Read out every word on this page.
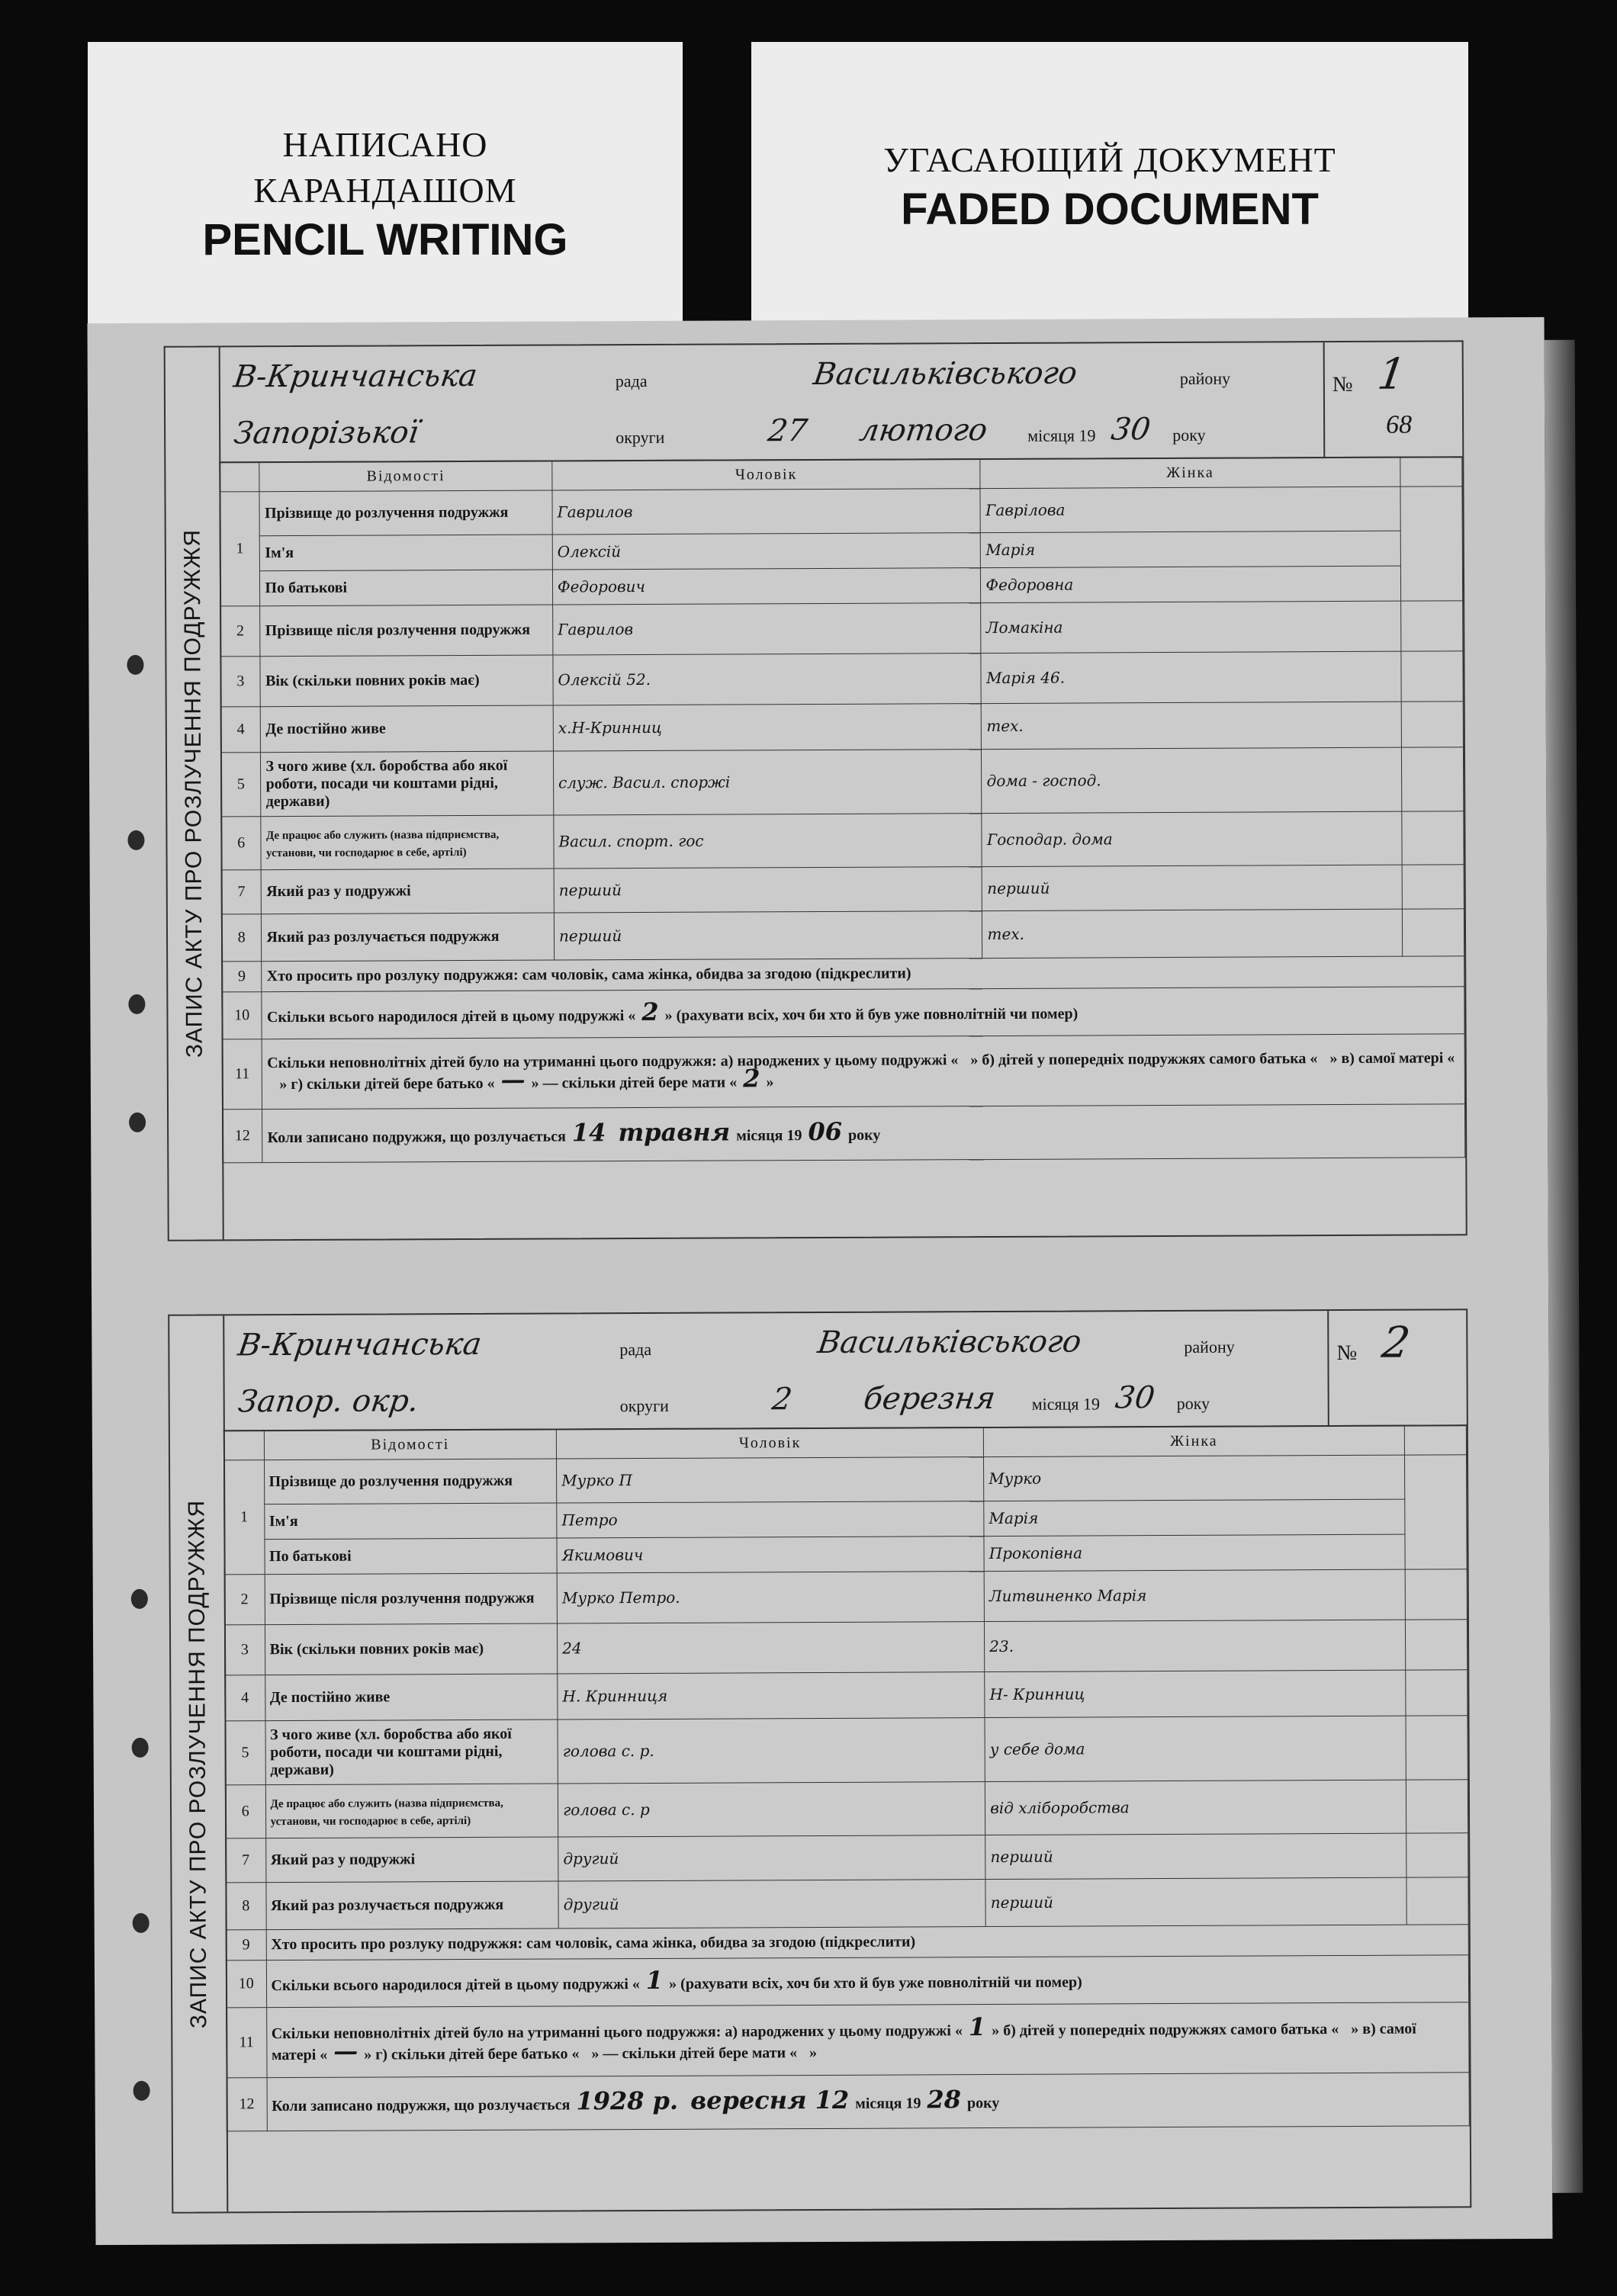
НАПИСАНО
КАРАНДАШОМ
PENCIL WRITING
УГАСАЮЩИЙ ДОКУМЕНТ
FADED DOCUMENT
ЗАПИС АКТУ ПРО РОЗЛУЧЕННЯ ПОДРУЖЖЯ
В-Кринчанська	рада	Васильківського	району
Запорізької	округи	27 лютого місяця 19 30 року
№ 1
68
	Відомості	Чоловік	Жінка	
1	Прізвище до розлучення подружжя	Гаврилов	Гаврілова	
	Ім'я	Олексій	Марія	
	По батькові	Федорович	Федоровна	
2	Прізвище після розлучення подружжя	Гаврилов	Ломакіна	
3	Вік (скільки повних років має)	Олексій 52.	Марія 46.	
4	Де постійно живе	х.Н-Кринниц	тех.	
5	З чого живе (хл. боробства або якої роботи, посади чи коштами рідні, держави)	служ. Васил. споржі	дома - господ.	
6	Де працює або служить (назва підприємства, установи, чи господарює в себе, артілі)	Васил. спорт. гос	Господар. дома	
7	Який раз у подружжі	перший	перший	
8	Який раз розлучається подружжя	перший	тех.	
9	Хто просить про розлуку подружжя: сам чоловік, сама жінка, обидва за згодою (підкреслити)			
10	Скільки всього народилося дітей в цьому подружжі « 2 » (рахувати всіх, хоч би хто й був уже повнолітній чи помер)			
11	Скільки неповнолітніх дітей було на утриманні цього подружжя: а) народжених у цьому подружжі « » б) дітей у попередніх подружжях самого батька « » в) самої матері «» г) скільки дітей бере батько « — » — скільки дітей бере мати « 2 »			
12	Коли записано подружжя, що розлучається 14 травня місяця 19 06 року			
ЗАПИС АКТУ ПРО РОЗЛУЧЕННЯ ПОДРУЖЖЯ
В-Кринчанська	рада	Васильківського	району
Запор. окр.	округи	2 березня місяця 19 30 року
№ 2
	Відомості	Чоловік	Жінка	
1	Прізвище до розлучення подружжя	Мурко П	Мурко	
	Ім'я	Петро	Марія	
	По батькові	Якимович	Прокопівна	
2	Прізвище після розлучення подружжя	Мурко Петро.	Литвиненко Марія	
3	Вік (скільки повних років має)	24	23.	
4	Де постійно живе	Н. Кринниця	Н- Кринниц	
5	З чого живе (хл. боробства або якої роботи, посади чи коштами рідні, держави)	голова с. р.	у себе дома	
6	Де працює або служить (назва підприємства, установи, чи господарює в себе, артілі)	голова с. р	від хліборобства	
7	Який раз у подружжі	другий	перший	
8	Який раз розлучається подружжя	другий	перший	
9	Хто просить про розлуку подружжя: сам чоловік, сама жінка, обидва за згодою (підкреслити)			
10	Скільки всього народилося дітей в цьому подружжі « 1 » (рахувати всіх, хоч би хто й був уже повнолітній чи помер)			
11	Скільки неповнолітніх дітей було на утриманні цього подружжя: а) народжених у цьому подружжі « 1 » б) дітей у попередніх подружжях самого батька « » в) самої матері « — » г) скільки дітей бере батько « » — скільки дітей бере мати « »			
12	Коли записано подружжя, що розлучається 1928 р. вересня 12 місяця 19 28 року			
